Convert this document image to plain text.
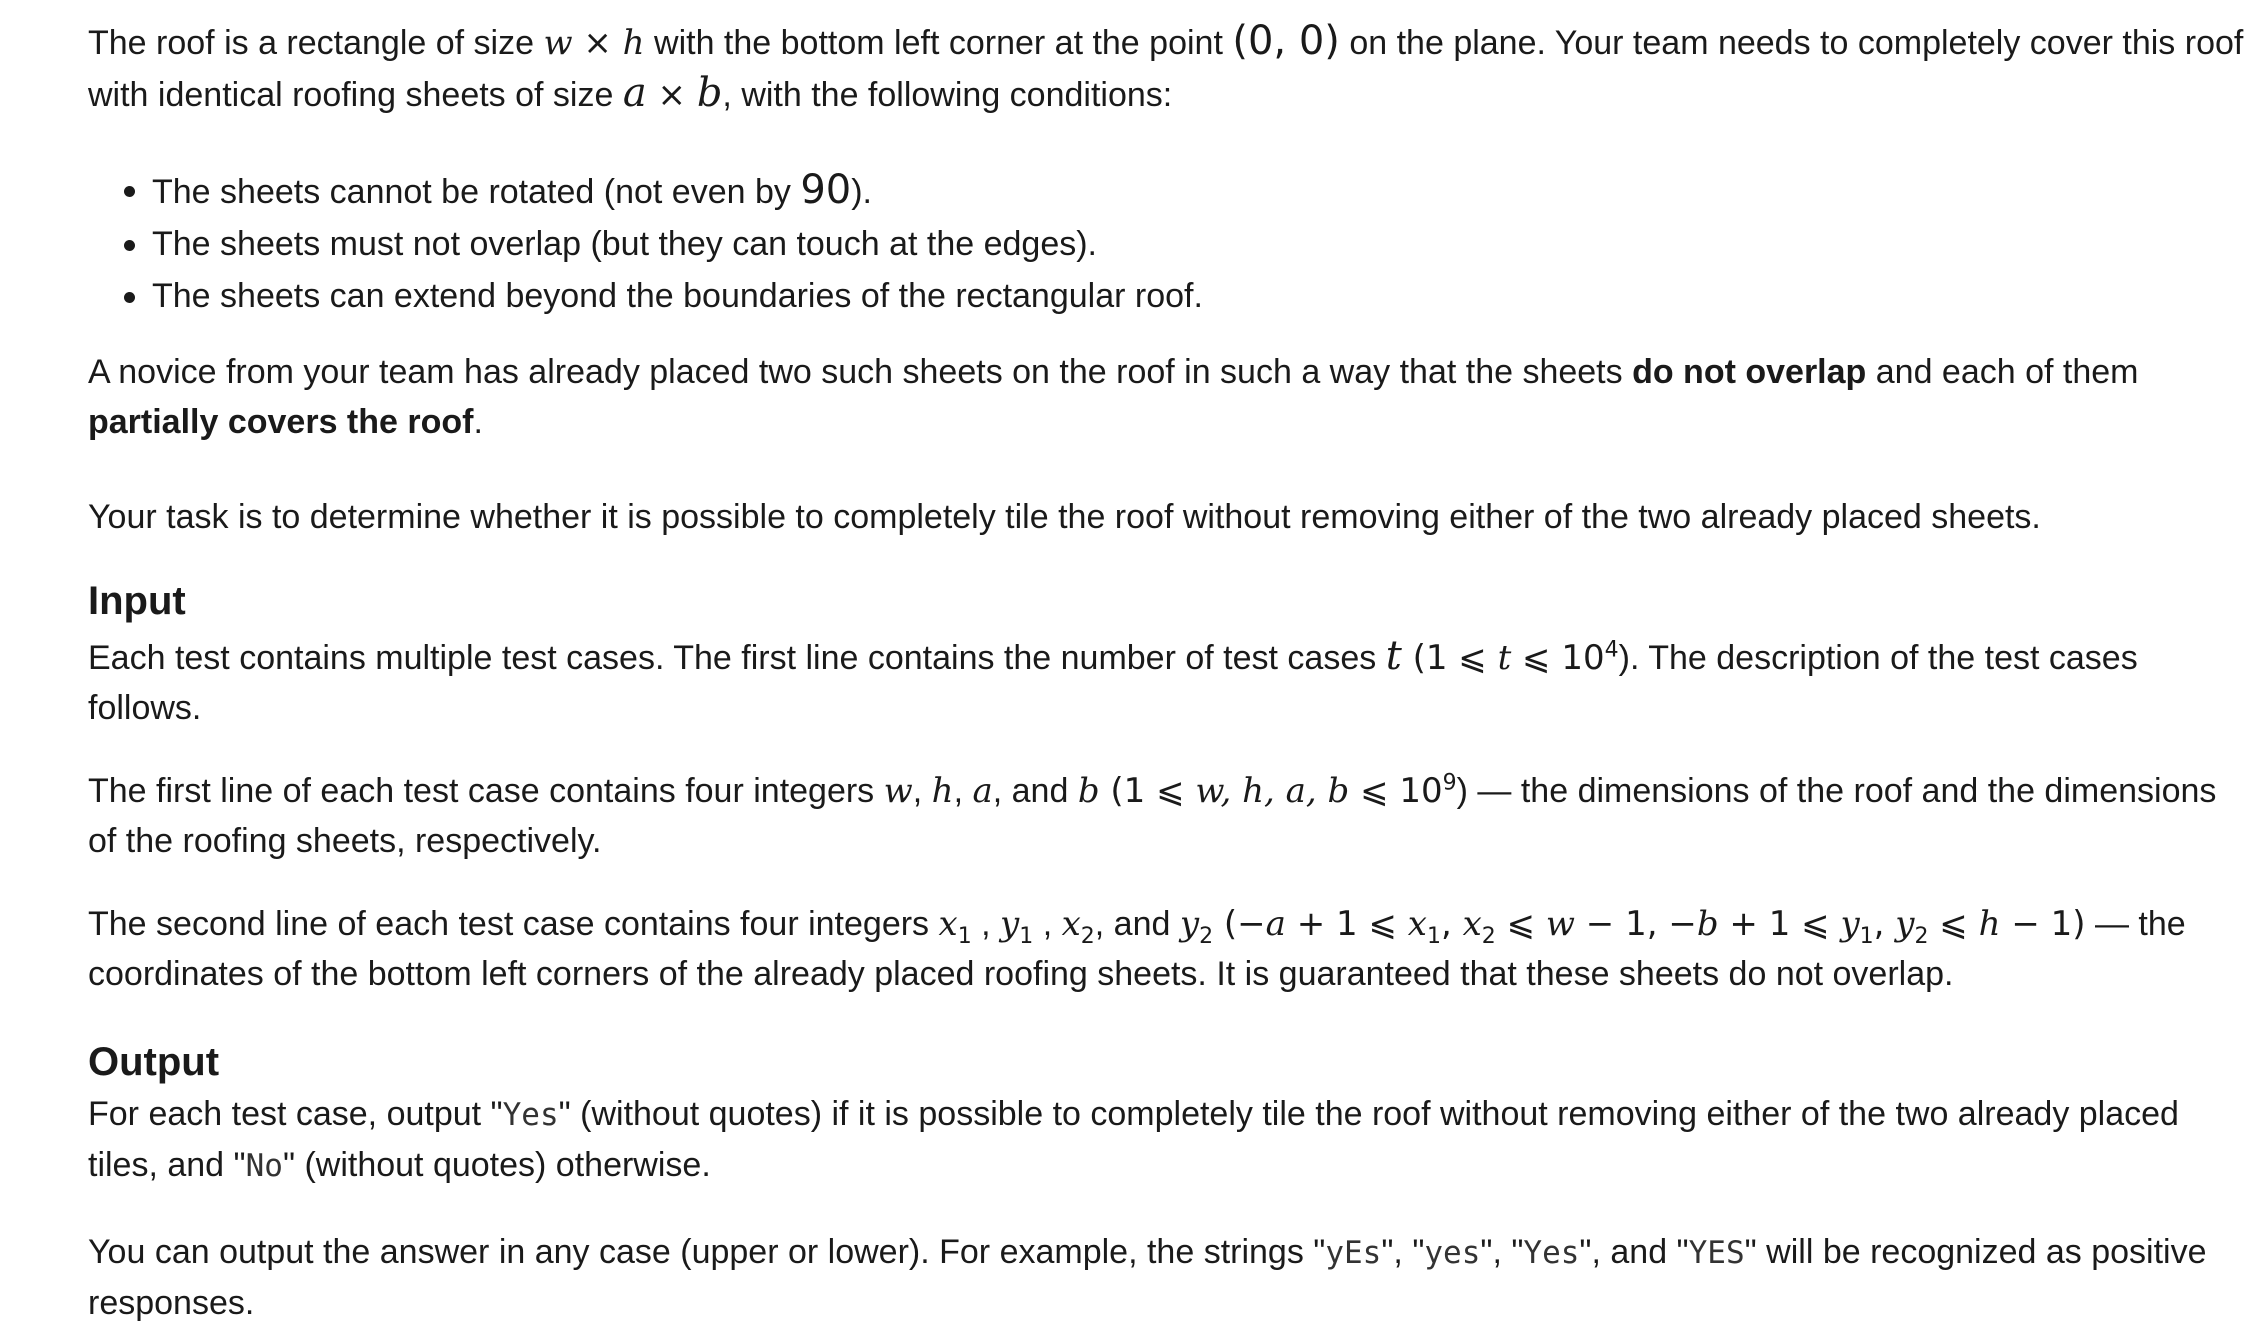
The roof is a rectangle of size w × h with the bottom left corner at the point (0, 0) on the plane. Your team needs to completely cover this roof with identical roofing sheets of size a × b, with the following conditions:

The sheets cannot be rotated (not even by 90).
The sheets must not overlap (but they can touch at the edges).
The sheets can extend beyond the boundaries of the rectangular roof.

A novice from your team has already placed two such sheets on the roof in such a way that the sheets do not overlap and each of them partially covers the roof.

Your task is to determine whether it is possible to completely tile the roof without removing either of the two already placed sheets.

Input

Each test contains multiple test cases. The first line contains the number of test cases t (1 ⩽ t ⩽ $10^4$). The description of the test cases follows.

The first line of each test case contains four integers w, h, a, and b (1 ⩽ w, h, a, b ⩽ $10^9$) — the dimensions of the roof and the dimensions of the roofing sheets, respectively.

The second line of each test case contains four integers $x_1$ , $y_1$ , $x_2$, and $y_2$ (−a + 1 ⩽ $x_1$, $x_2$ ⩽ w − 1, −b + 1 ⩽ $y_1$, $y_2$ ⩽ h − 1) — the coordinates of the bottom left corners of the already placed roofing sheets. It is guaranteed that these sheets do not overlap.

Output

For each test case, output "Yes" (without quotes) if it is possible to completely tile the roof without removing either of the two already placed tiles, and "No" (without quotes) otherwise.

You can output the answer in any case (upper or lower). For example, the strings "yEs", "yes", "Yes", and "YES" will be recognized as positive responses.
